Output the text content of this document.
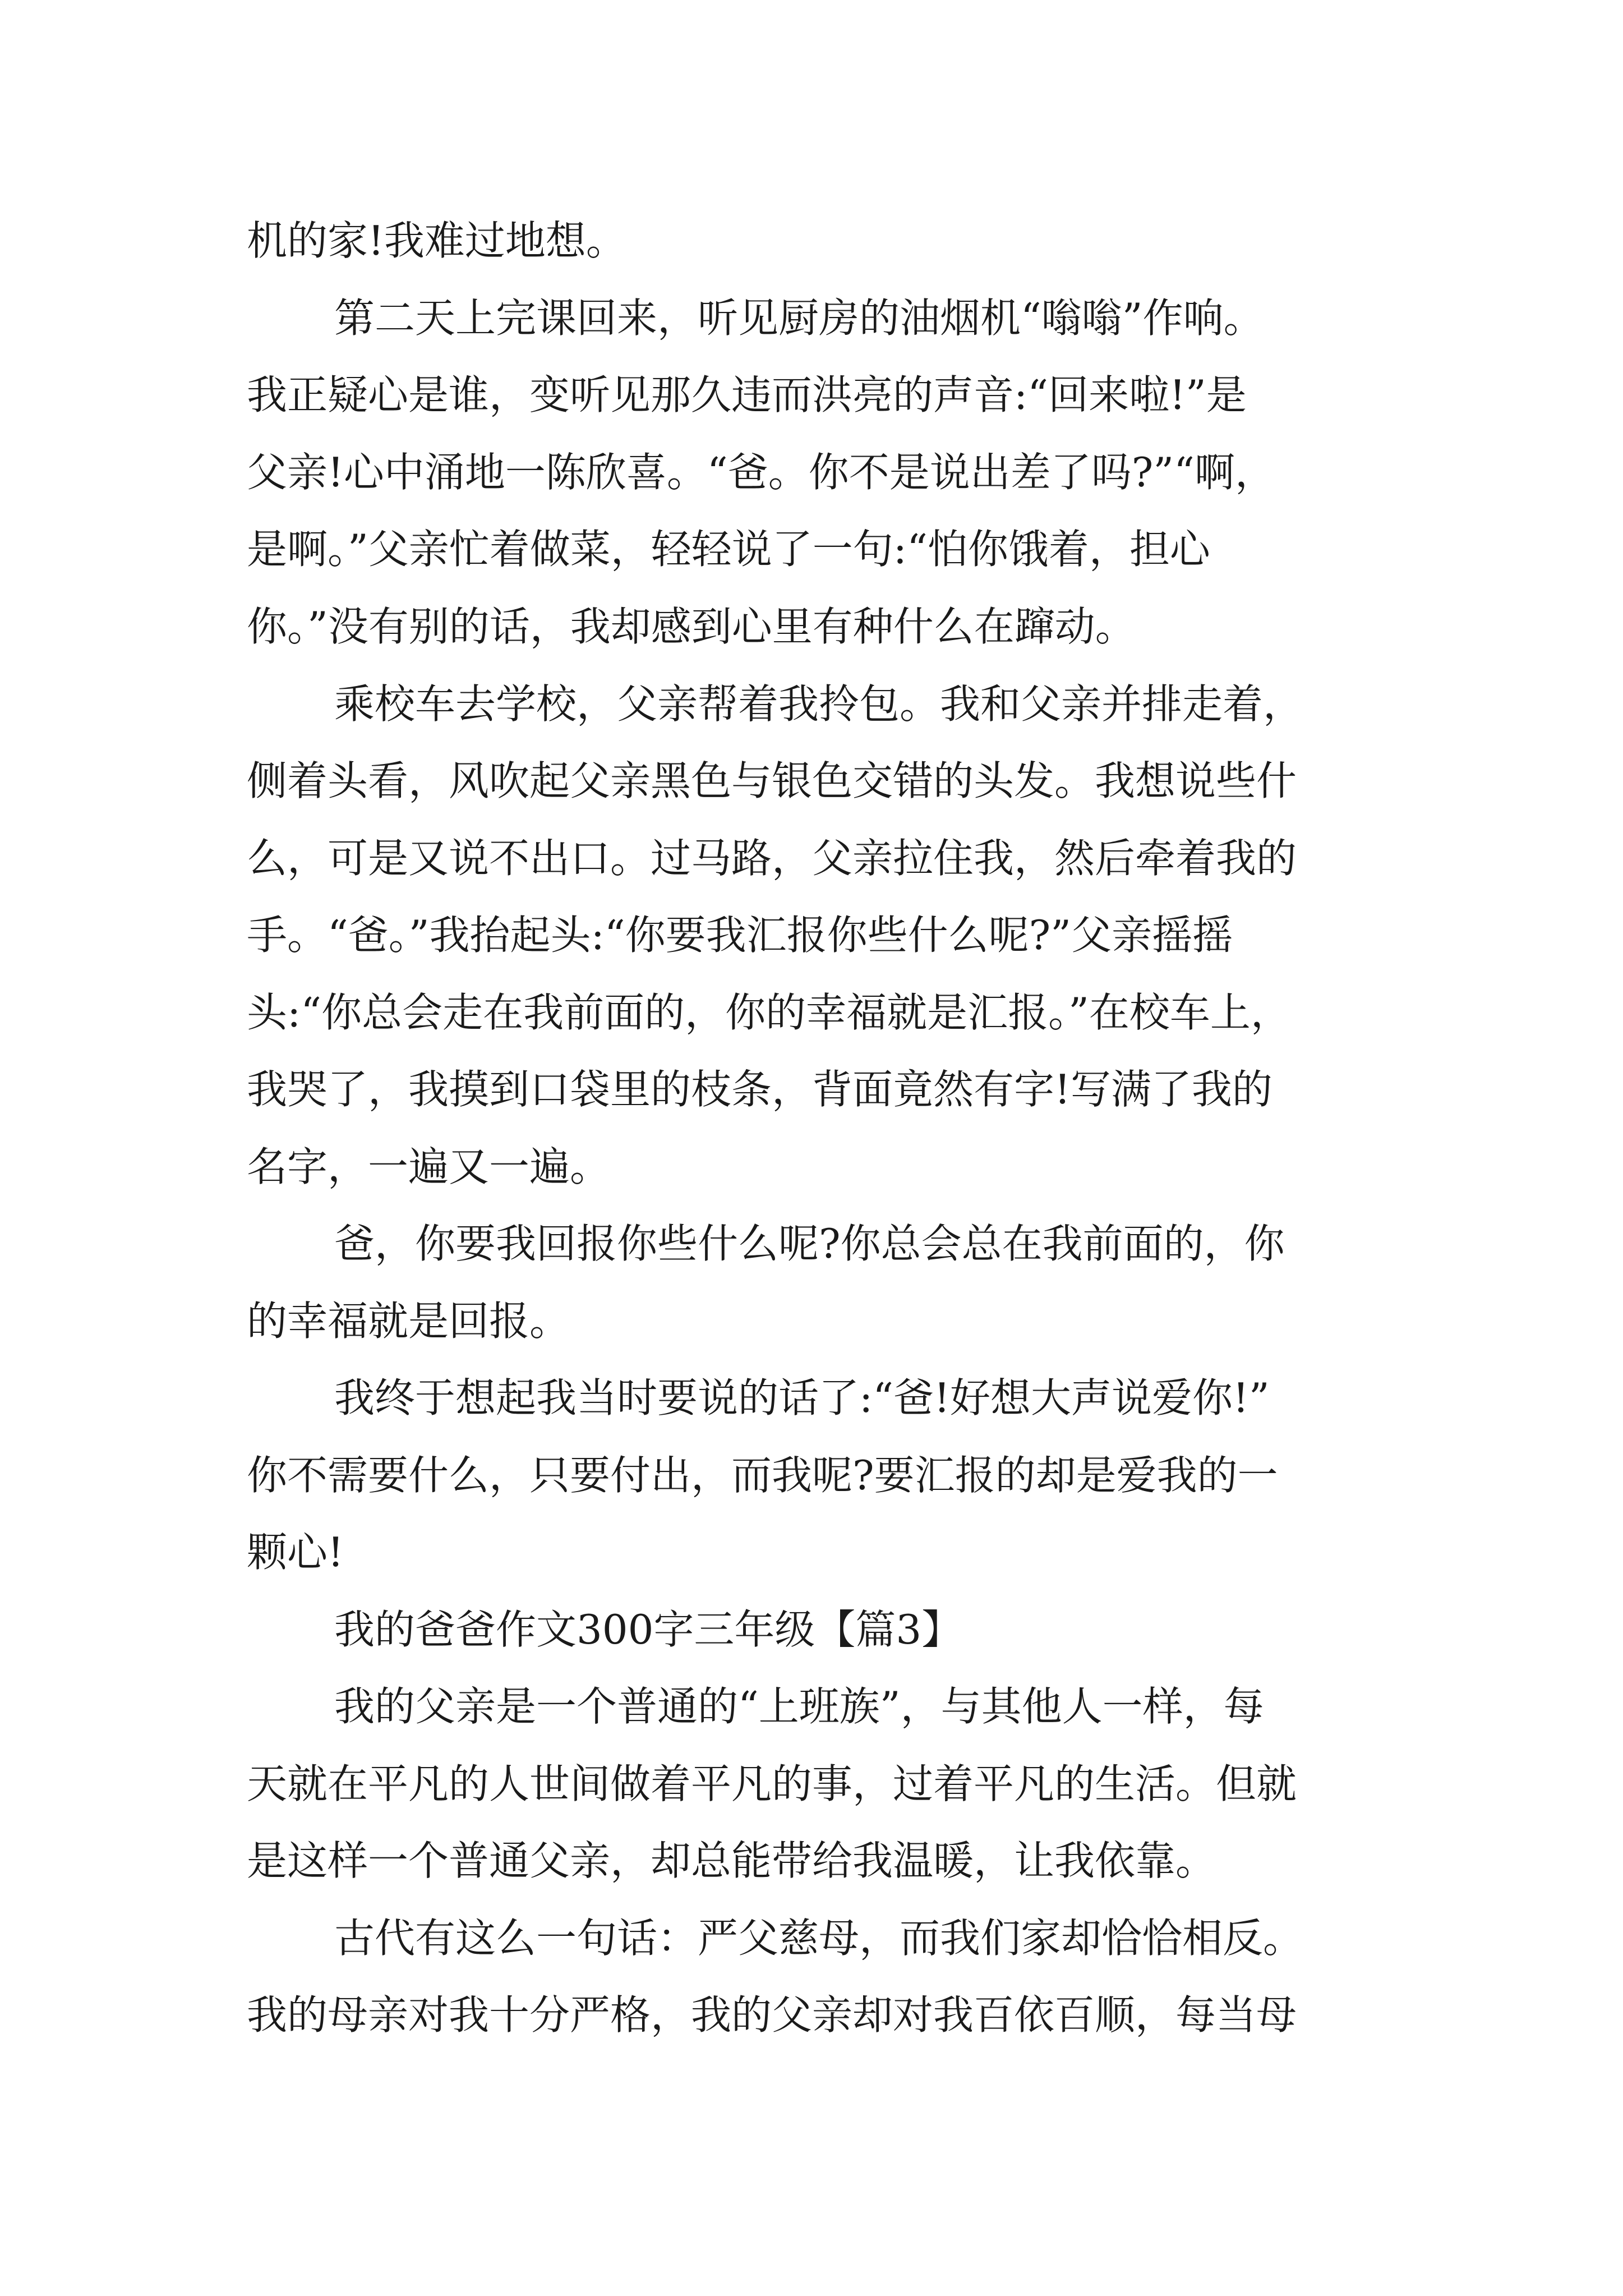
机的家!我难过地想。
第二天上完课回来，听见厨房的油烟机“嗡嗡”作响。
我正疑心是谁，变听见那久违而洪亮的声音:“回来啦!”是
父亲!心中涌地一陈欣喜。“爸。你不是说出差了吗?”“啊，
是啊。”父亲忙着做菜，轻轻说了一句:“怕你饿着，担心
你。”没有别的话，我却感到心里有种什么在蹿动。
乘校车去学校，父亲帮着我拎包。我和父亲并排走着，
侧着头看，风吹起父亲黑色与银色交错的头发。我想说些什
么，可是又说不出口。过马路，父亲拉住我，然后牵着我的
手。“爸。”我抬起头:“你要我汇报你些什么呢?”父亲摇摇
头:“你总会走在我前面的，你的幸福就是汇报。”在校车上，
我哭了，我摸到口袋里的枝条，背面竟然有字!写满了我的
名字，一遍又一遍。
爸，你要我回报你些什么呢?你总会总在我前面的，你
的幸福就是回报。
我终于想起我当时要说的话了:“爸!好想大声说爱你!”
你不需要什么，只要付出，而我呢?要汇报的却是爱我的一
颗心!
我的爸爸作文300字三年级【篇3】
我的父亲是一个普通的“上班族”，与其他人一样，每
天就在平凡的人世间做着平凡的事，过着平凡的生活。但就
是这样一个普通父亲，却总能带给我温暖，让我依靠。
古代有这么一句话：严父慈母，而我们家却恰恰相反。
我的母亲对我十分严格，我的父亲却对我百依百顺，每当母
